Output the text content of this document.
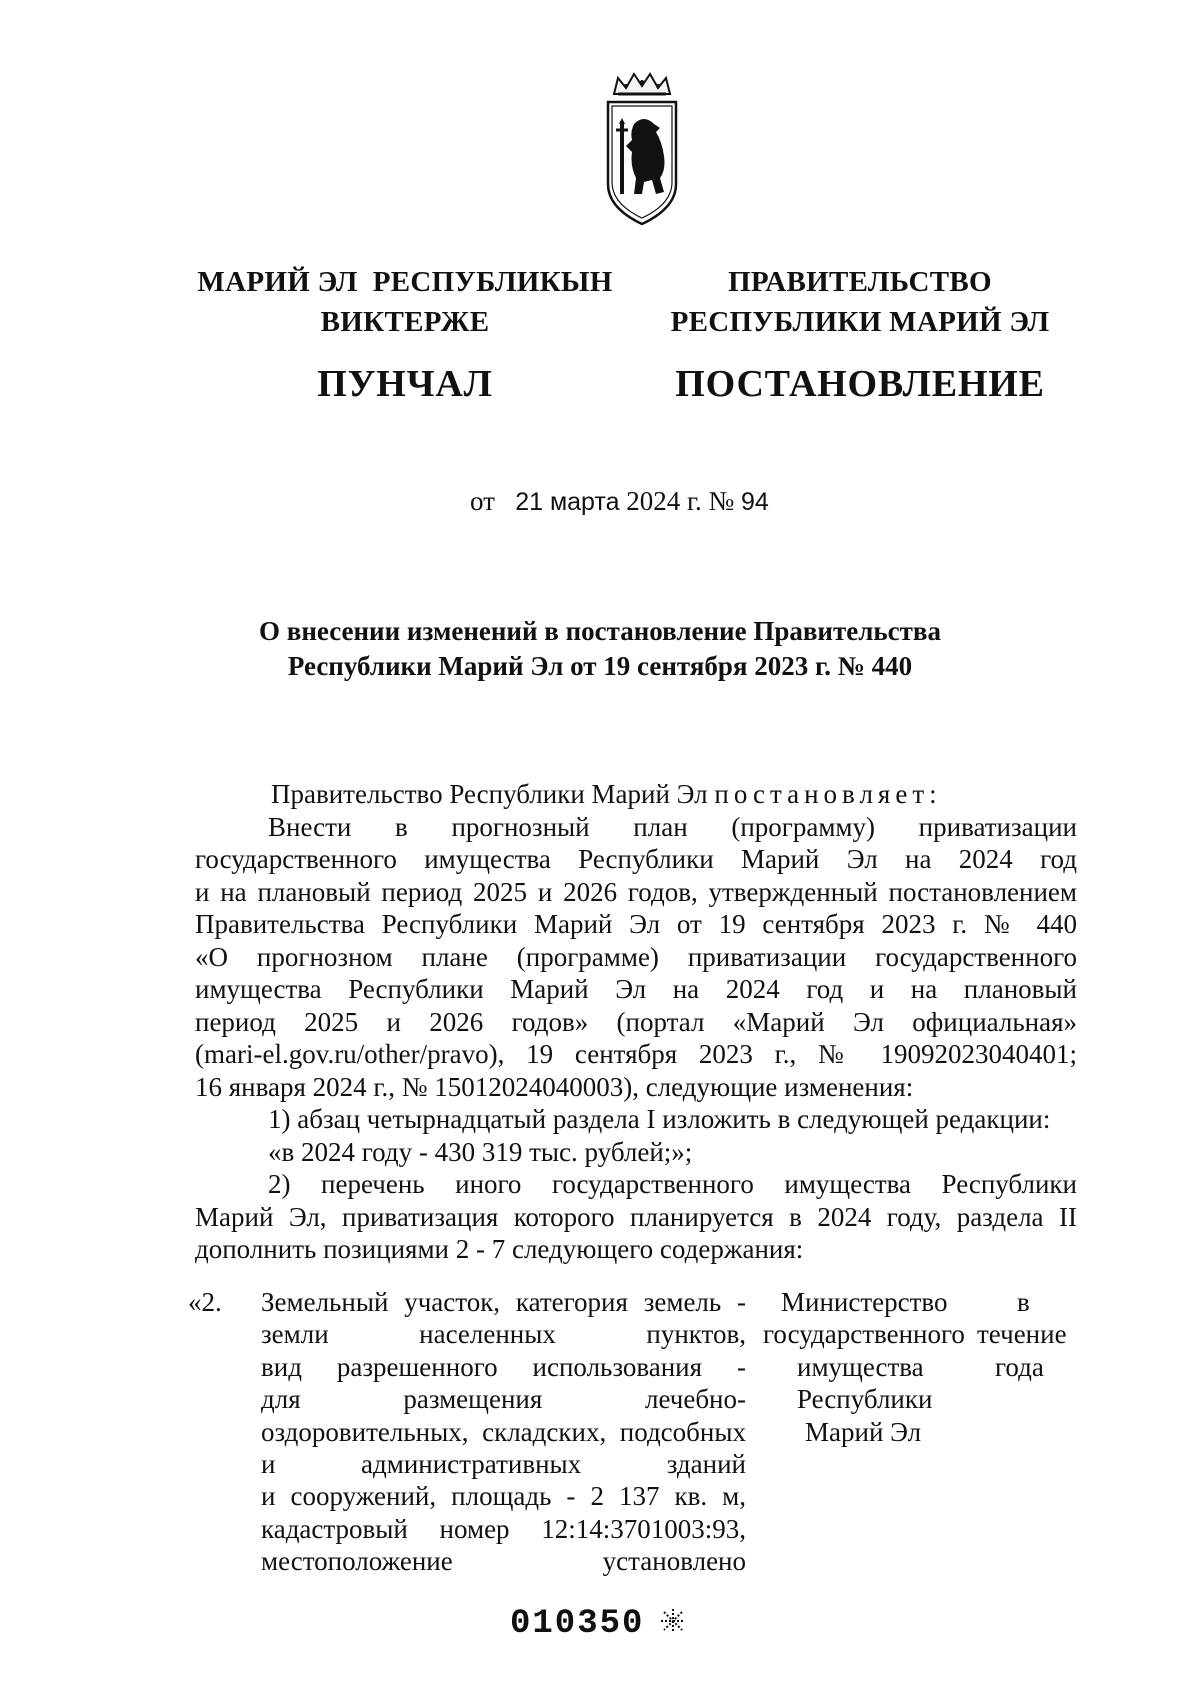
МАРИЙ ЭЛ  РЕСПУБЛИКЫН
ВИКТЕРЖЕ
ПУНЧАЛ
ПРАВИТЕЛЬСТВО
РЕСПУБЛИКИ МАРИЙ ЭЛ
ПОСТАНОВЛЕНИЕ
от 21 марта 2024 г. № 94
О внесении изменений в постановление Правительства
Республики Марий Эл от 19 сентября 2023 г. № 440
Правительство Республики Марий Эл постановляет:
Внести в прогнозный план (программу) приватизации
государственного имущества Республики Марий Эл на 2024 год
и на плановый период 2025 и 2026 годов, утвержденный постановлением
Правительства Республики Марий Эл от 19 сентября 2023 г. № 440
«О прогнозном плане (программе) приватизации государственного
имущества Республики Марий Эл на 2024 год и на плановый
период 2025 и 2026 годов» (портал «Марий Эл официальная»
(mari-el.gov.ru/other/pravo), 19 сентября 2023 г., № 19092023040401;
16 января 2024 г., № 15012024040003), следующие изменения:
1) абзац четырнадцатый раздела I изложить в следующей редакции:
«в 2024 году - 430 319 тыс. рублей;»;
2) перечень иного государственного имущества Республики
Марий Эл, приватизация которого планируется в 2024 году, раздела II
дополнить позициями 2 - 7 следующего содержания:
«2. Земельный участок, категория земель -
земли населенных пунктов,
вид разрешенного использования -
для размещения лечебно-
оздоровительных, складских, подсобных
и административных зданий
и сооружений, площадь - 2 137 кв. м,
кадастровый номер 12:14:3701003:93,
местоположение установлено
Министерство
государственного
имущества
Республики
Марий Эл
в
течение
года
010350
